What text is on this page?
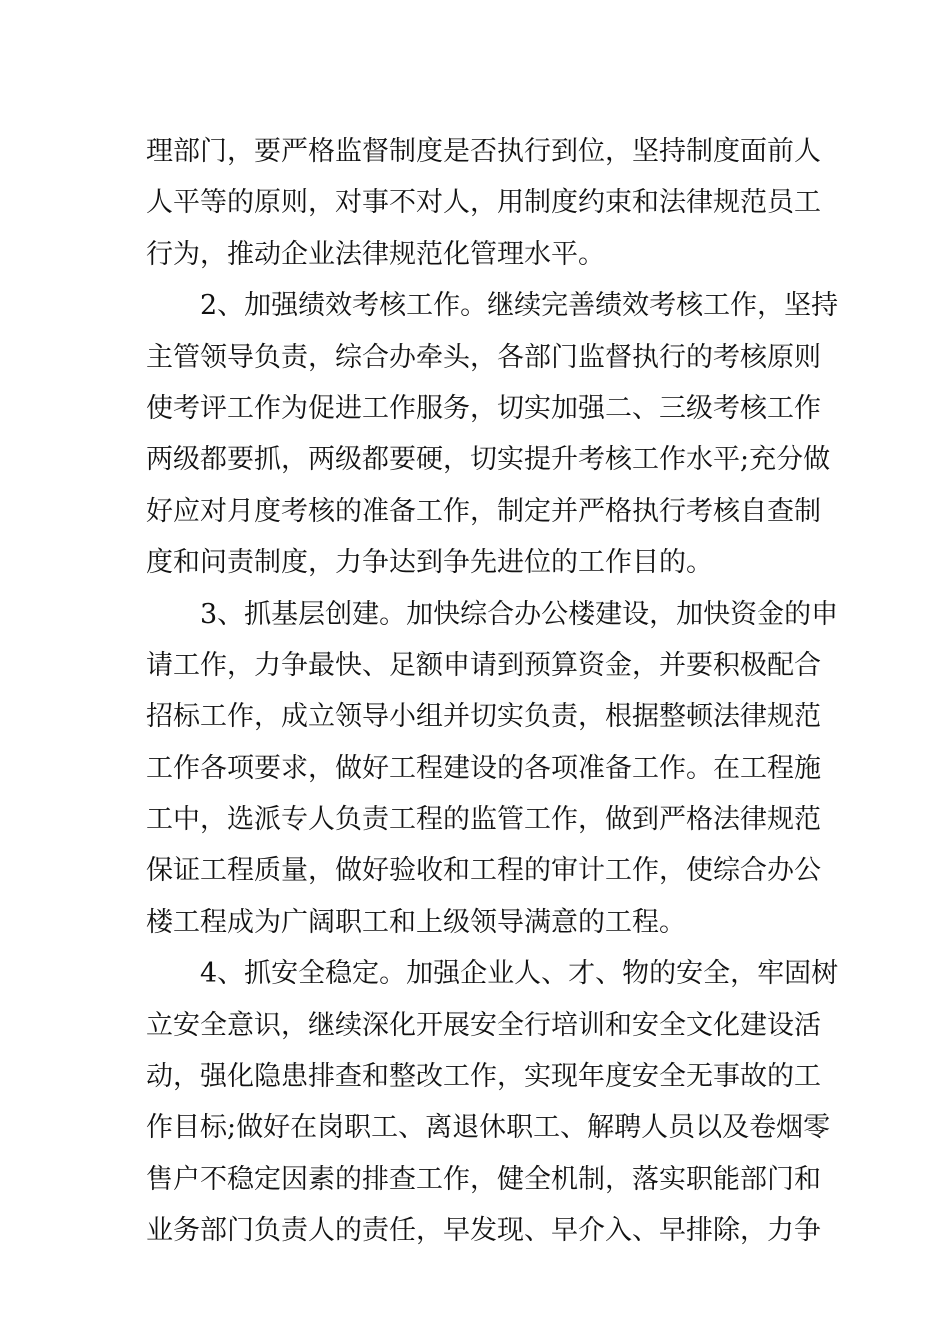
理部门，要严格监督制度是否执行到位，坚持制度面前人
人平等的原则，对事不对人，用制度约束和法律规范员工
行为，推动企业法律规范化管理水平。
2、加强绩效考核工作。继续完善绩效考核工作，坚持
主管领导负责，综合办牵头，各部门监督执行的考核原则
使考评工作为促进工作服务，切实加强二、三级考核工作
两级都要抓，两级都要硬，切实提升考核工作水平;充分做
好应对月度考核的准备工作，制定并严格执行考核自查制
度和问责制度，力争达到争先进位的工作目的。
3、抓基层创建。加快综合办公楼建设，加快资金的申
请工作，力争最快、足额申请到预算资金，并要积极配合
招标工作，成立领导小组并切实负责，根据整顿法律规范
工作各项要求，做好工程建设的各项准备工作。在工程施
工中，选派专人负责工程的监管工作，做到严格法律规范
保证工程质量，做好验收和工程的审计工作，使综合办公
楼工程成为广阔职工和上级领导满意的工程。
4、抓安全稳定。加强企业人、才、物的安全，牢固树
立安全意识，继续深化开展安全行培训和安全文化建设活
动，强化隐患排查和整改工作，实现年度安全无事故的工
作目标;做好在岗职工、离退休职工、解聘人员以及卷烟零
售户不稳定因素的排查工作，健全机制，落实职能部门和
业务部门负责人的责任，早发现、早介入、早排除，力争
